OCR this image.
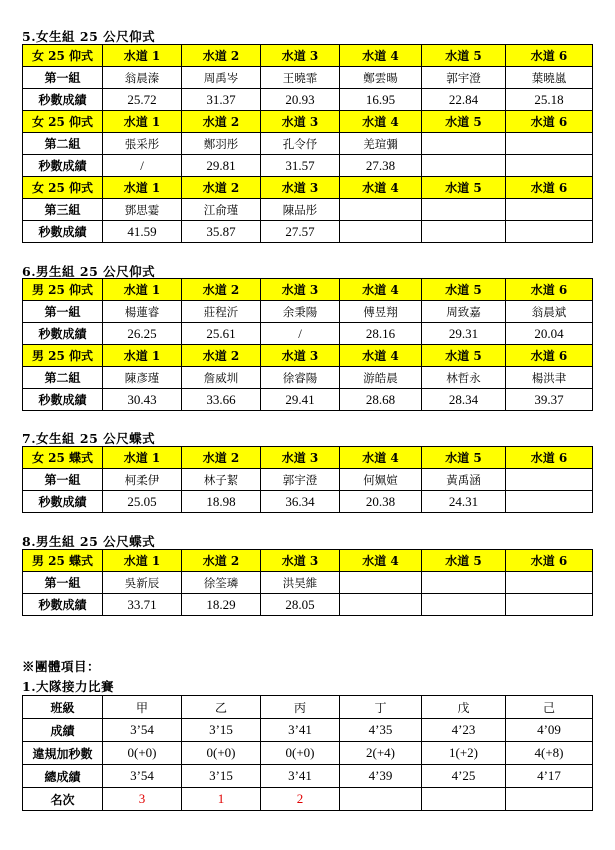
5.女生組 25 公尺仰式
女 25 仰式	水道 1	水道 2	水道 3	水道 4	水道 5	水道 6
第一組	翁晨溱	周禹岑	王曉霏	鄭雲暘	郭宇澄	葉曉嵐
秒數成績	25.72	31.37	20.93	16.95	22.84	25.18
女 25 仰式	水道 1	水道 2	水道 3	水道 4	水道 5	水道 6
第二組	張采彤	鄭羽彤	孔令伃	羌瑄彌		
秒數成績	/	29.81	31.57	27.38		
女 25 仰式	水道 1	水道 2	水道 3	水道 4	水道 5	水道 6
第三組	鄧思霎	江俞瑾	陳品彤			
秒數成績	41.59	35.87	27.57			
6.男生組 25 公尺仰式
男 25 仰式	水道 1	水道 2	水道 3	水道 4	水道 5	水道 6
第一組	楊蓮睿	莊程沂	余秉陽	傅昱翔	周致嘉	翁晨斌
秒數成績	26.25	25.61	/	28.16	29.31	20.04
男 25 仰式	水道 1	水道 2	水道 3	水道 4	水道 5	水道 6
第二組	陳彥瑾	詹威圳	徐睿陽	游皓晨	林哲永	楊洪聿
秒數成績	30.43	33.66	29.41	28.68	28.34	39.37
7.女生組 25 公尺蝶式
女 25 蝶式	水道 1	水道 2	水道 3	水道 4	水道 5	水道 6
第一組	柯柔伊	林子絜	郭宇澄	何姵媗	黃禹涵	
秒數成績	25.05	18.98	36.34	20.38	24.31	
8.男生組 25 公尺蝶式
男 25 蝶式	水道 1	水道 2	水道 3	水道 4	水道 5	水道 6
第一組	吳新辰	徐筌璘	洪昊維			
秒數成績	33.71	18.29	28.05			
※團體項目：
1.大隊接力比賽
班級	甲	乙	丙	丁	戊	己
成績	3’54	3’15	3’41	4’35	4’23	4’09
違規加秒數	0(+0)	0(+0)	0(+0)	2(+4)	1(+2)	4(+8)
總成績	3’54	3’15	3’41	4’39	4’25	4’17
名次	3	1	2			
